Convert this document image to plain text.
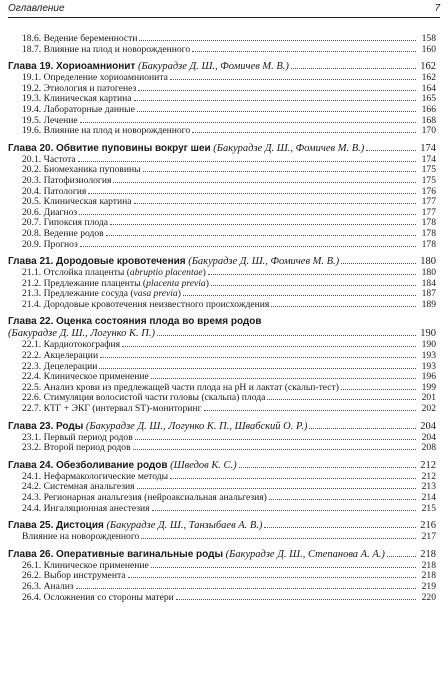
Оглавление	7
18.6. Ведение беременности	158
18.7. Влияние на плод и новорожденного	160
Глава 19. Хориоамнионит (Бакурадзе Д. Ш., Фомичев М. В.)	162
19.1. Определение хориоамнионита	162
19.2. Этиология и патогенез	164
19.3. Клиническая картина	165
19.4. Лабораторные данные	166
19.5. Лечение	168
19.6. Влияние на плод и новорожденного	170
Глава 20. Обвитие пуповины вокруг шеи (Бакурадзе Д. Ш., Фомичев М. В.)	174
20.1. Частота	174
20.2. Биомеханика пуповины	175
20.3. Патофизиология	175
20.4. Патология	176
20.5. Клиническая картина	177
20.6. Диагноз	177
20.7. Гипоксия плода	178
20.8. Ведение родов	178
20.9. Прогноз	178
Глава 21. Дородовые кровотечения (Бакурадзе Д. Ш., Фомичев М. В.)	180
21.1. Отслойка плаценты (abruptio placentae)	180
21.2. Предлежание плаценты (placenta previa)	184
21.3. Предлежание сосуда (vasa previa)	187
21.4. Дородовые кровотечения неизвестного происхождения	189
Глава 22. Оценка состояния плода во время родов
(Бакурадзе Д. Ш., Логунко К. П.)	190
22.1. Кардиотокография	190
22.2. Акцелерации	193
22.3. Децелерации	193
22.4. Клиническое применение	196
22.5. Анализ крови из предлежащей части плода на рН и лактат (скальп-тест)	199
22.6. Стимуляция волосистой части головы (скальпа) плода	201
22.7. КТГ + ЭКГ (интервал ST)-мониторинг	202
Глава 23. Роды (Бакурадзе Д. Ш., Логунко К. П., Швабский О. Р.)	204
23.1. Первый период родов	204
23.2. Второй период родов	208
Глава 24. Обезболивание родов (Шведов К. С.)	212
24.1. Нефармакологические методы	212
24.2. Системная анальгезия	213
24.3. Регионарная анальгезия (нейроаксиальная анальгезия)	214
24.4. Ингаляционная анестезия	215
Глава 25. Дистоция (Бакурадзе Д. Ш., Танзыбаев А. В.)	216
Влияние на новорожденного	217
Глава 26. Оперативные вагинальные роды (Бакурадзе Д. Ш., Степанова А. А.)	218
26.1. Клиническое применение	218
26.2. Выбор инструмента	218
26.3. Анализ	219
26.4. Осложнения со стороны матери	220
